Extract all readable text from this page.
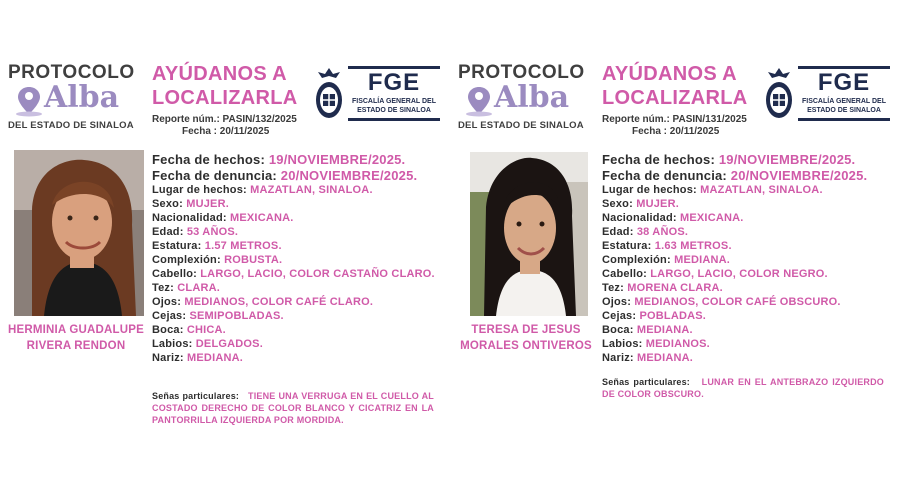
PROTOCOLO
Alba
DEL ESTADO DE SINALOA
AYÚDANOS A
LOCALIZARLA
Reporte núm.: PASIN/132/2025
Fecha : 20/11/2025
FGE
FISCALÍA GENERAL DEL ESTADO DE SINALOA
HERMINIA GUADALUPE
RIVERA RENDON
Fecha de hechos: 19/NOVIEMBRE/2025.
Fecha de denuncia: 20/NOVIEMBRE/2025.
Lugar de hechos: MAZATLAN, SINALOA.
Sexo: MUJER.
Nacionalidad: MEXICANA.
Edad: 53 AÑOS.
Estatura: 1.57 METROS.
Complexión: ROBUSTA.
Cabello: LARGO, LACIO, COLOR CASTAÑO CLARO.
Tez: CLARA.
Ojos: MEDIANOS, COLOR CAFÉ CLARO.
Cejas: SEMIPOBLADAS.
Boca: CHICA.
Labios: DELGADOS.
Nariz: MEDIANA.
Señas particulares: TIENE UNA VERRUGA EN EL CUELLO AL COSTADO DERECHO DE COLOR BLANCO Y CICATRIZ EN LA PANTORRILLA IZQUIERDA POR MORDIDA.
PROTOCOLO
Alba
DEL ESTADO DE SINALOA
AYÚDANOS A
LOCALIZARLA
Reporte núm.: PASIN/131/2025
Fecha : 20/11/2025
FGE
FISCALÍA GENERAL DEL ESTADO DE SINALOA
TERESA DE JESUS
MORALES ONTIVEROS
Fecha de hechos: 19/NOVIEMBRE/2025.
Fecha de denuncia: 20/NOVIEMBRE/2025.
Lugar de hechos: MAZATLAN, SINALOA.
Sexo: MUJER.
Nacionalidad: MEXICANA.
Edad: 38 AÑOS.
Estatura: 1.63 METROS.
Complexión: MEDIANA.
Cabello: LARGO, LACIO, COLOR NEGRO.
Tez: MORENA CLARA.
Ojos: MEDIANOS, COLOR CAFÉ OBSCURO.
Cejas: POBLADAS.
Boca: MEDIANA.
Labios: MEDIANOS.
Nariz: MEDIANA.
Señas particulares: LUNAR EN EL ANTEBRAZO IZQUIERDO DE COLOR OBSCURO.
